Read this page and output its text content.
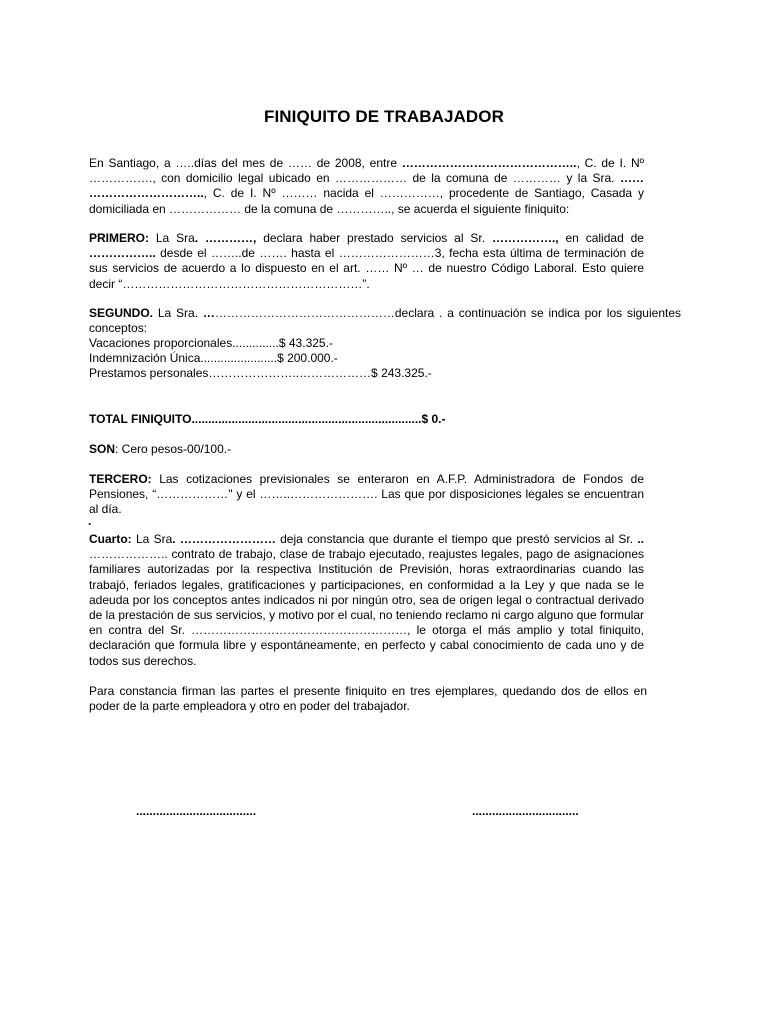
FINIQUITO DE TRABAJADOR
En Santiago, a …..días del mes de …… de 2008, entre …………………………………….., C. de I. Nº ……………., con domicilio legal ubicado en ……………… de la comuna de ………… y la Sra. …… ……………………….., C. de I. Nº ……… nacida el ……………, procedente de Santiago, Casada y domiciliada en ……………… de la comuna de ………….., se acuerda el siguiente finiquito:
PRIMERO: La Sra. …………, declara haber prestado servicios al Sr. ……………., en calidad de …………….. desde el ……..de ……. hasta el ……………………3, fecha esta última de terminación de sus servicios de acuerdo a lo dispuesto en el art. …… Nº … de nuestro Código Laboral. Esto quiere decir “……………………………………………………”.
SEGUNDO. La Sra. …………………………………………declara . a continuación se indica por los siguientes conceptos:
Vacaciones proporcionales..............$ 43.325.-
Indemnización Única.......................$ 200.000.-
Prestamos personales…………………..………………$ 243.325.-
TOTAL FINIQUITO.....................................................................$ 0.-
SON: Cero pesos-00/100.-
TERCERO: Las cotizaciones previsionales se enteraron en A.F.P. Administradora de Fondos de Pensiones, “………………" y el ……..…………………. Las que por disposiciones legales se encuentran al día.
.
Cuarto: La Sra. …………………… deja constancia que durante el tiempo que prestó servicios al Sr. .. ……………….. contrato de trabajo, clase de trabajo ejecutado, reajustes legales, pago de asignaciones familiares autorizadas por la respectiva Institución de Previsión, horas extraordinarias cuando las trabajó, feriados legales, gratificaciones y participaciones, en conformidad a la Ley y que nada se le adeuda por los conceptos antes indicados ni por ningún otro, sea de origen legal o contractual derivado de la prestación de sus servicios, y motivo por el cual, no teniendo reclamo ni cargo alguno que formular en contra del Sr. ………………………………………………, le otorga el más amplio y total finiquito, declaración que formula libre y espontáneamente, en perfecto y cabal conocimiento de cada uno y de todos sus derechos.
Para constancia firman las partes el presente finiquito en tres ejemplares, quedando dos de ellos en poder de la parte empleadora y otro en poder del trabajador.
....................................	................................
